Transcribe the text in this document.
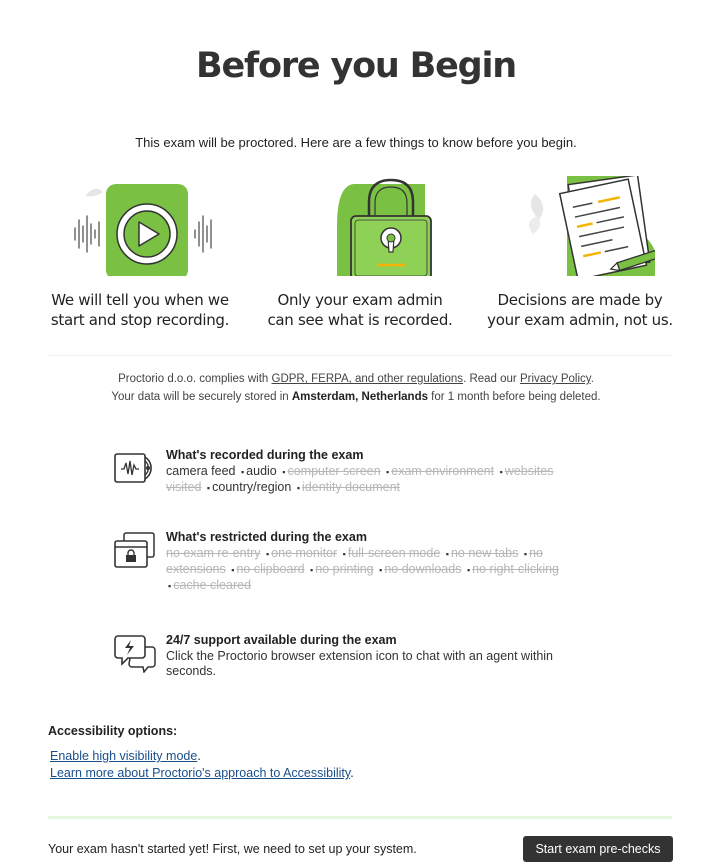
Before you Begin
This exam will be proctored. Here are a few things to know before you begin.
We will tell you when we
start and stop recording.
Only your exam admin
can see what is recorded.
Decisions are made by
your exam admin, not us.
Proctorio d.o.o. complies with GDPR, FERPA, and other regulations. Read our Privacy Policy.
Your data will be securely stored in Amsterdam, Netherlands for 1 month before being deleted.
What's recorded during the exam
camera feed ▪ audio ▪ computer screen ▪ exam environment ▪ websites visited ▪ country/region ▪ identity document
What's restricted during the exam
no exam re-entry ▪ one monitor ▪ full-screen mode ▪ no new tabs ▪ no extensions ▪ no clipboard ▪ no printing ▪ no downloads ▪ no right-clicking ▪ cache cleared
24/7 support available during the exam
Click the Proctorio browser extension icon to chat with an agent within seconds.
Accessibility options:
Enable high visibility mode.
Learn more about Proctorio's approach to Accessibility.
Your exam hasn't started yet! First, we need to set up your system.	Start exam pre-checks
